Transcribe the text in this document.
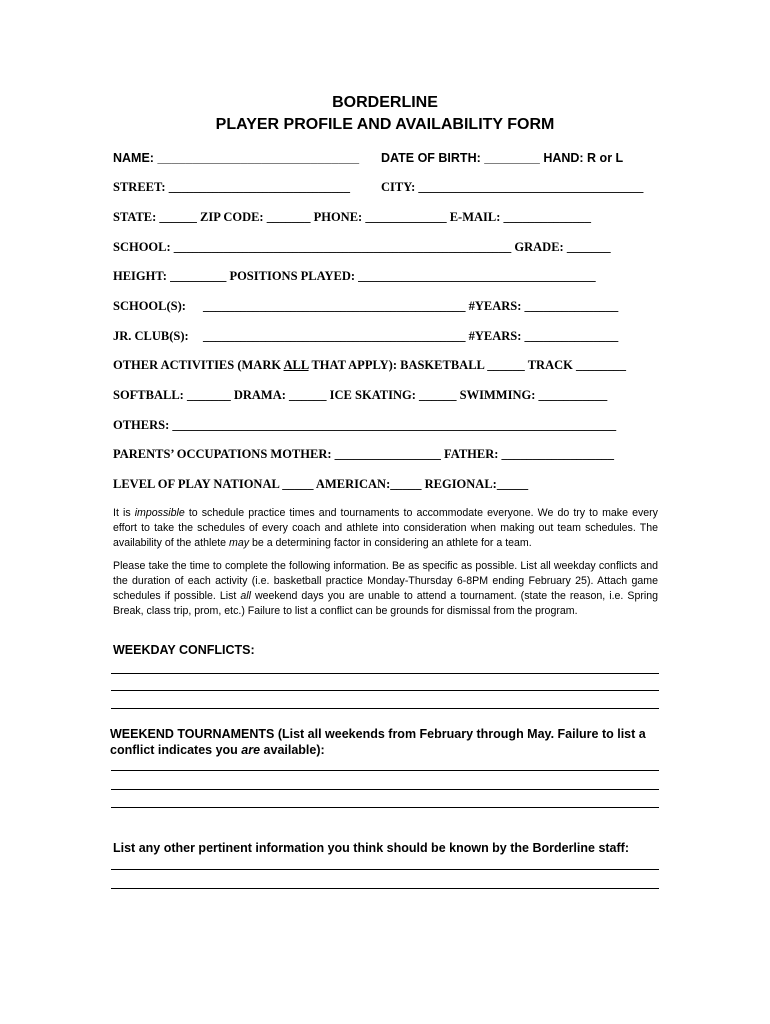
BORDERLINE
PLAYER PROFILE AND AVAILABILITY FORM
NAME: _____________________________ DATE OF BIRTH: ________ HAND: R or L
STREET: _____________________________ CITY: ____________________________________
STATE: ______ ZIP CODE: _______ PHONE: _____________ E-MAIL: ______________
SCHOOL: ______________________________________________________ GRADE: _______
HEIGHT: _________ POSITIONS PLAYED: ______________________________________
SCHOOL(S): __________________________________________ #YEARS: _______________
JR. CLUB(S): __________________________________________ #YEARS: _______________
OTHER ACTIVITIES (MARK ALL THAT APPLY): BASKETBALL ______ TRACK ________
SOFTBALL: _______ DRAMA: ______ ICE SKATING: ______ SWIMMING: ___________
OTHERS: _______________________________________________________________________
PARENTS’ OCCUPATIONS MOTHER: _________________ FATHER: __________________
LEVEL OF PLAY NATIONAL _____ AMERICAN:_____ REGIONAL:_____
It is impossible to schedule practice times and tournaments to accommodate everyone. We do try to make every effort to take the schedules of every coach and athlete into consideration when making out team schedules. The availability of the athlete may be a determining factor in considering an athlete for a team.
Please take the time to complete the following information. Be as specific as possible. List all weekday conflicts and the duration of each activity (i.e. basketball practice Monday-Thursday 6-8PM ending February 25). Attach game schedules if possible. List all weekend days you are unable to attend a tournament. (state the reason, i.e. Spring Break, class trip, prom, etc.) Failure to list a conflict can be grounds for dismissal from the program.
WEEKDAY CONFLICTS:
WEEKEND TOURNAMENTS (List all weekends from February through May. Failure to list a conflict indicates you are available):
List any other pertinent information you think should be known by the Borderline staff:
